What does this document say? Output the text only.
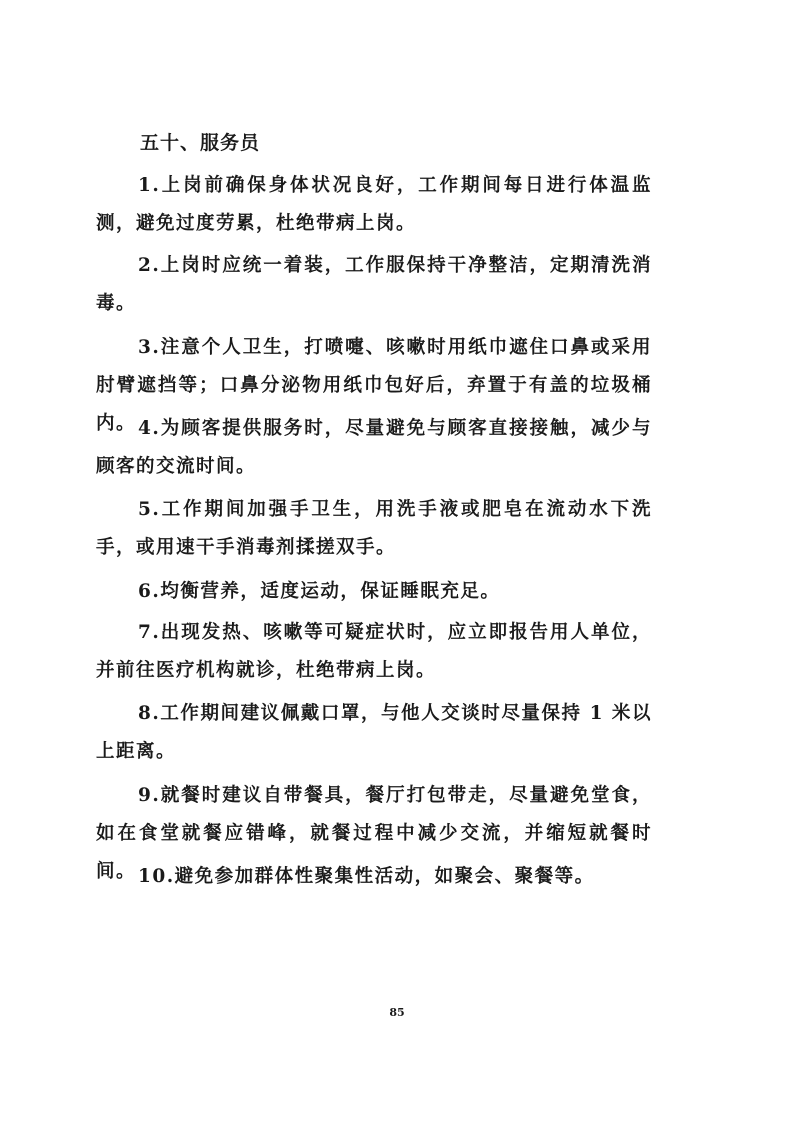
五十、服务员
1.上岗前确保身体状况良好，工作期间每日进行体温监测，避免过度劳累，杜绝带病上岗。
2.上岗时应统一着装，工作服保持干净整洁，定期清洗消毒。
3.注意个人卫生，打喷嚏、咳嗽时用纸巾遮住口鼻或采用肘臂遮挡等；口鼻分泌物用纸巾包好后，弃置于有盖的垃圾桶内。 4.为顾客提供服务时，尽量避免与顾客直接接触，减少与顾客的交流时间。
5.工作期间加强手卫生，用洗手液或肥皂在流动水下洗手，或用速干手消毒剂揉搓双手。
6.均衡营养，适度运动，保证睡眠充足。
7.出现发热、咳嗽等可疑症状时，应立即报告用人单位，并前往医疗机构就诊，杜绝带病上岗。
8.工作期间建议佩戴口罩，与他人交谈时尽量保持 1 米以上距离。
9.就餐时建议自带餐具，餐厅打包带走，尽量避免堂食，如在食堂就餐应错峰，就餐过程中减少交流，并缩短就餐时间。 10.避免参加群体性聚集性活动，如聚会、聚餐等。
85
